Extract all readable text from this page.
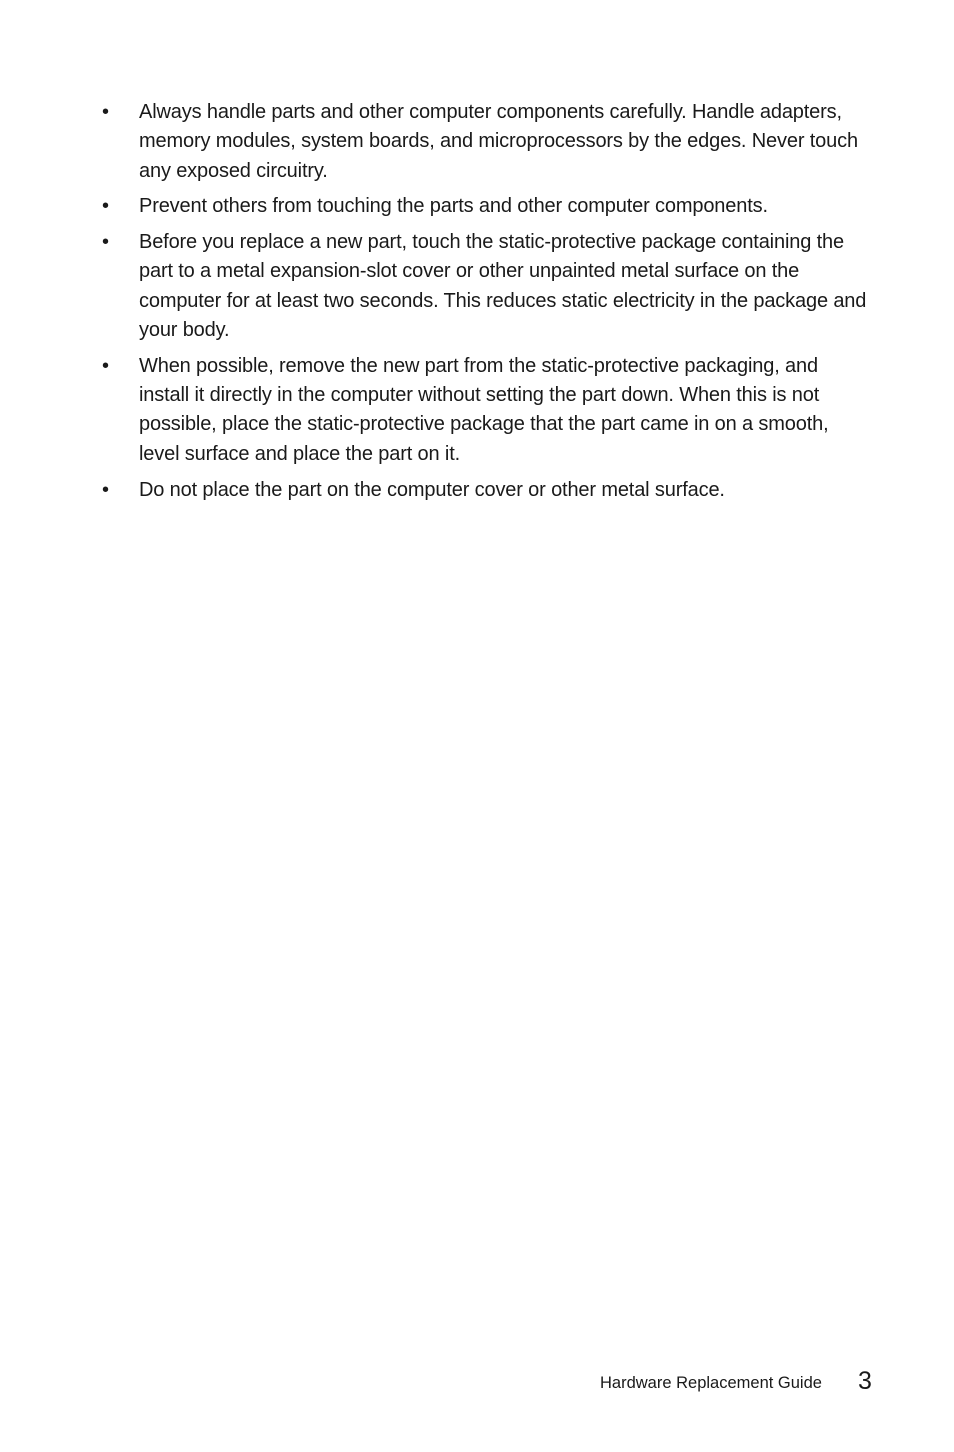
• Always handle parts and other computer components carefully. Handle adapters, memory modules, system boards, and microprocessors by the edges. Never touch any exposed circuitry.
• Prevent others from touching the parts and other computer components.
• Before you replace a new part, touch the static-protective package containing the part to a metal expansion-slot cover or other unpainted metal surface on the computer for at least two seconds. This reduces static electricity in the package and your body.
• When possible, remove the new part from the static-protective packaging, and install it directly in the computer without setting the part down. When this is not possible, place the static-protective package that the part came in on a smooth, level surface and place the part on it.
• Do not place the part on the computer cover or other metal surface.
Hardware Replacement Guide 3
